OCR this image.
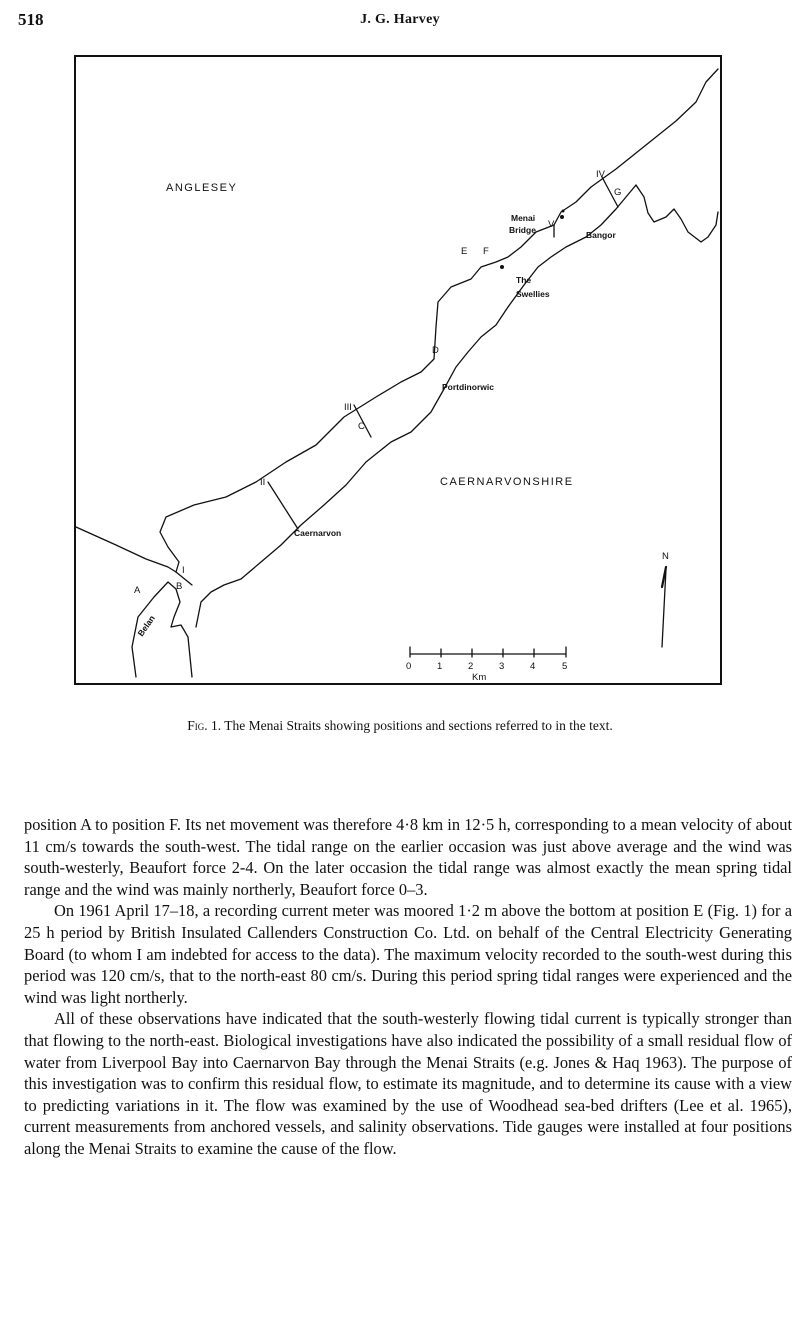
518	J. G. Harvey
ANGLESEY
CAERNARVONSHIRE
Menai
Bridge	Bangor
The
Swellies
Portdinorwic
Caernarvon
Belan
A	B
C
D
E F
G
I
II
III
IV
V
N
0	1	2	3	4	5
Km
Fig. 1. The Menai Straits showing positions and sections referred to in the text.

position A to position F. Its net movement was therefore 4·8 km in 12·5 h, corresponding to a mean velocity of about 11 cm/s towards the south-west. The tidal range on the earlier occasion was just above average and the wind was south-westerly, Beaufort force 2-4. On the later occasion the tidal range was almost exactly the mean spring tidal range and the wind was mainly northerly, Beaufort force 0–3.

On 1961 April 17–18, a recording current meter was moored 1·2 m above the bottom at position E (Fig. 1) for a 25 h period by British Insulated Callenders Construction Co. Ltd. on behalf of the Central Electricity Generating Board (to whom I am indebted for access to the data). The maximum velocity recorded to the south-west during this period was 120 cm/s, that to the north-east 80 cm/s. During this period spring tidal ranges were experienced and the wind was light northerly.

All of these observations have indicated that the south-westerly flowing tidal current is typically stronger than that flowing to the north-east. Biological investigations have also indicated the possibility of a small residual flow of water from Liverpool Bay into Caernarvon Bay through the Menai Straits (e.g. Jones & Haq 1963). The purpose of this investigation was to confirm this residual flow, to estimate its magnitude, and to determine its cause with a view to predicting variations in it. The flow was examined by the use of Woodhead sea-bed drifters (Lee et al. 1965), current measurements from anchored vessels, and salinity observations. Tide gauges were installed at four positions along the Menai Straits to examine the cause of the flow.
